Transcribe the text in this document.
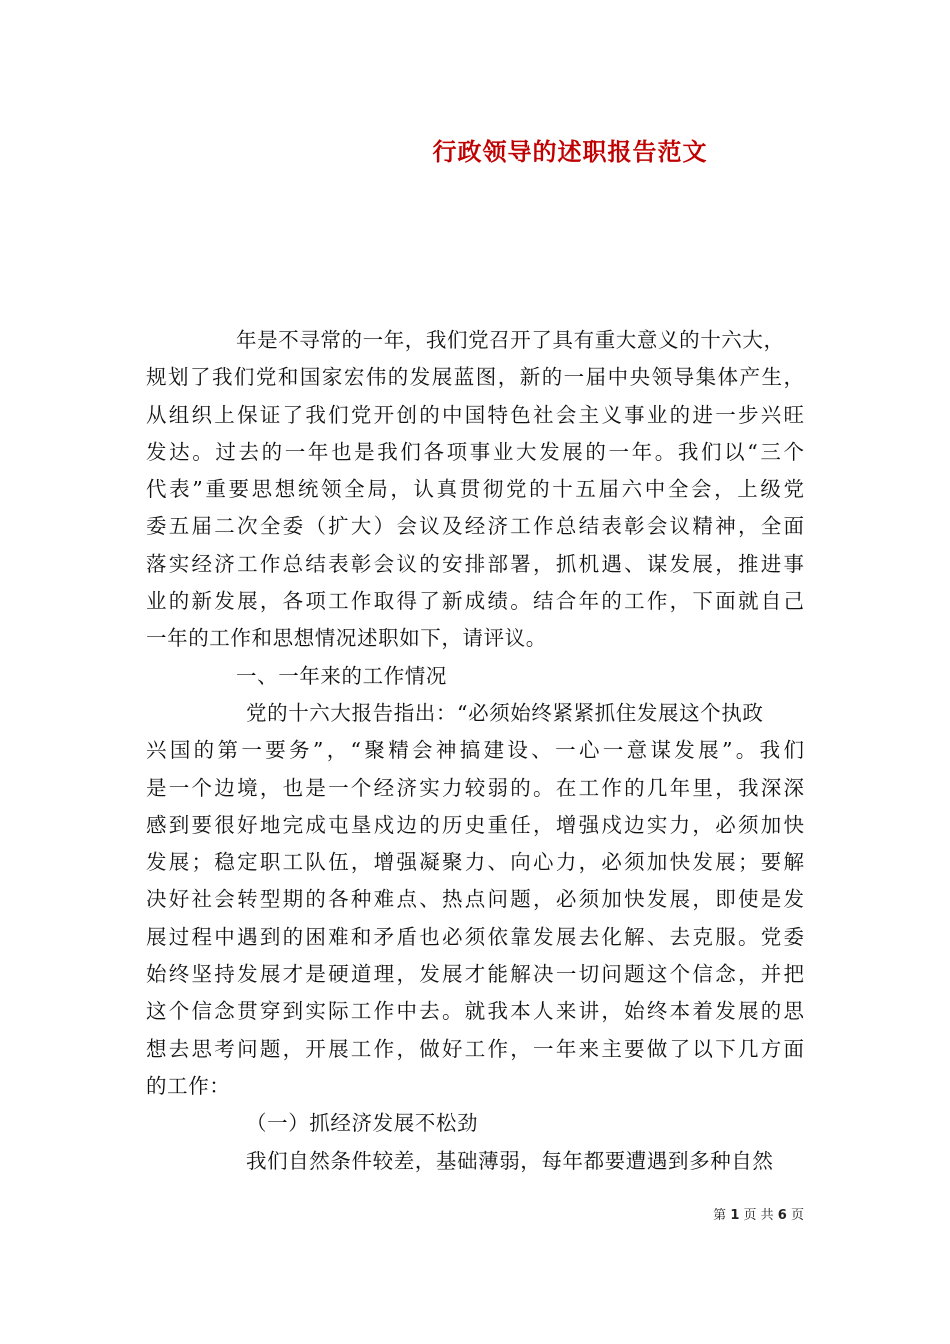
行政领导的述职报告范文
年是不寻常的一年，我们党召开了具有重大意义的十六大，
规划了我们党和国家宏伟的发展蓝图，新的一届中央领导集体产生，
从组织上保证了我们党开创的中国特色社会主义事业的进一步兴旺
发达。过去的一年也是我们各项事业大发展的一年。我们以“三个
代表”重要思想统领全局，认真贯彻党的十五届六中全会，上级党
委五届二次全委（扩大）会议及经济工作总结表彰会议精神，全面
落实经济工作总结表彰会议的安排部署，抓机遇、谋发展，推进事
业的新发展，各项工作取得了新成绩。结合年的工作，下面就自己
一年的工作和思想情况述职如下，请评议。
一、一年来的工作情况
党的十六大报告指出：“必须始终紧紧抓住发展这个执政
兴国的第一要务”，“聚精会神搞建设、一心一意谋发展”。我们
是一个边境，也是一个经济实力较弱的。在工作的几年里，我深深
感到要很好地完成屯垦戍边的历史重任，增强戍边实力，必须加快
发展；稳定职工队伍，增强凝聚力、向心力，必须加快发展；要解
决好社会转型期的各种难点、热点问题，必须加快发展，即使是发
展过程中遇到的困难和矛盾也必须依靠发展去化解、去克服。党委
始终坚持发展才是硬道理，发展才能解决一切问题这个信念，并把
这个信念贯穿到实际工作中去。就我本人来讲，始终本着发展的思
想去思考问题，开展工作，做好工作，一年来主要做了以下几方面
的工作：
（一）抓经济发展不松劲
我们自然条件较差，基础薄弱，每年都要遭遇到多种自然
第 1 页 共 6 页
